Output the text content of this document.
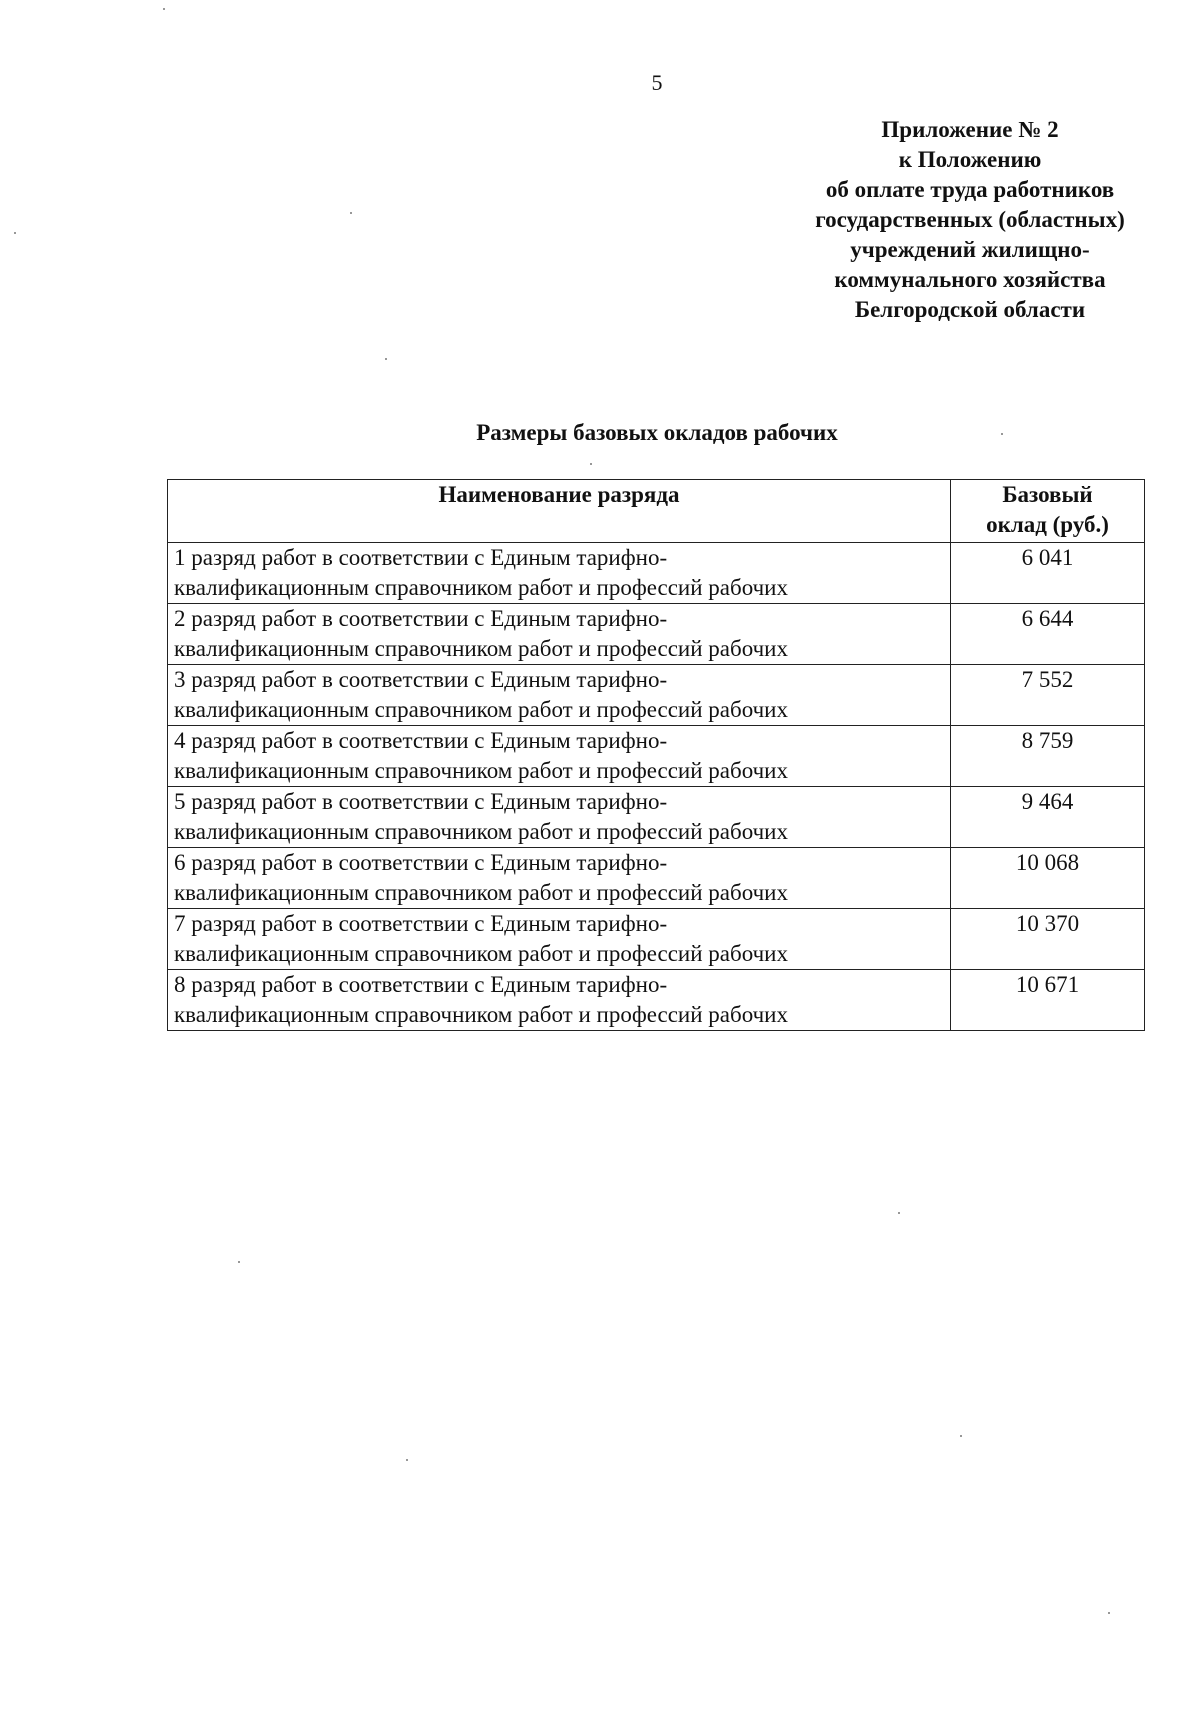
5
Приложение № 2
к Положению
об оплате труда работников
государственных (областных)
учреждений жилищно-
коммунального хозяйства
Белгородской области
Размеры базовых окладов рабочих
Наименование разряда	Базовый
оклад (руб.)

1 разряд работ в соответствии с Единым тарифно-
квалификационным справочником работ и профессий рабочих	6 041

2 разряд работ в соответствии с Единым тарифно-
квалификационным справочником работ и профессий рабочих	6 644

3 разряд работ в соответствии с Единым тарифно-
квалификационным справочником работ и профессий рабочих	7 552

4 разряд работ в соответствии с Единым тарифно-
квалификационным справочником работ и профессий рабочих	8 759

5 разряд работ в соответствии с Единым тарифно-
квалификационным справочником работ и профессий рабочих	9 464

6 разряд работ в соответствии с Единым тарифно-
квалификационным справочником работ и профессий рабочих	10 068

7 разряд работ в соответствии с Единым тарифно-
квалификационным справочником работ и профессий рабочих	10 370

8 разряд работ в соответствии с Единым тарифно-
квалификационным справочником работ и профессий рабочих	10 671
